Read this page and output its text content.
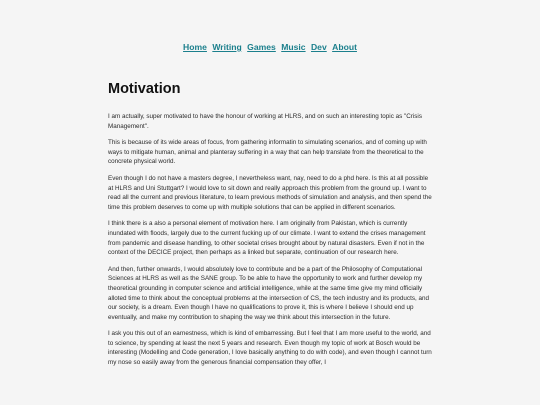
Home Writing Games Music Dev About
Motivation

I am actually, super motivated to have the honour of working at HLRS, and on such an interesting topic as "Crisis Management".

This is because of its wide areas of focus, from gathering informatin to simulating scenarios, and of coming up with ways to mitigate human, animal and planteray suffering in a way that can help translate from the theoretical to the concrete physical world.

Even though I do not have a masters degree, I nevertheless want, nay, need to do a phd here. Is this at all possible at HLRS and Uni Stuttgart? I would love to sit down and really approach this problem from the ground up. I want to read all the current and previous literature, to learn previous methods of simulation and analysis, and then spend the time this problem deserves to come up with multiple solutions that can be applied in different scenarios.

I think there is a also a personal element of motivation here. I am originally from Pakistan, which is currently inundated with floods, largely due to the current fucking up of our climate. I want to extend the crises management from pandemic and disease handling, to other societal crises brought about by natural disasters. Even if not in the context of the DECICE project, then perhaps as a linked but separate, continuation of our research here.

And then, further onwards, I would absolutely love to contribute and be a part of the Philosophy of Computational Sciences at HLRS as well as the SANE group. To be able to have the opportunity to work and further develop my theoretical grounding in computer science and artificial intelligence, while at the same time give my mind officially alloted time to think about the conceptual problems at the intersection of CS, the tech industry and its products, and our society, is a dream. Even though I have no qualifications to prove it, this is where I believe I should end up eventually, and make my contribution to shaping the way we think about this intersection in the future.

I ask you this out of an earnestness, which is kind of embarressing. But I feel that I am more useful to the world, and to science, by spending at least the next 5 years and research. Even though my topic of work at Bosch would be interesting (Modelling and Code generation, I love basically anything to do with code), and even though I cannot turn my nose so easily away from the generous financial compensation they offer, I
